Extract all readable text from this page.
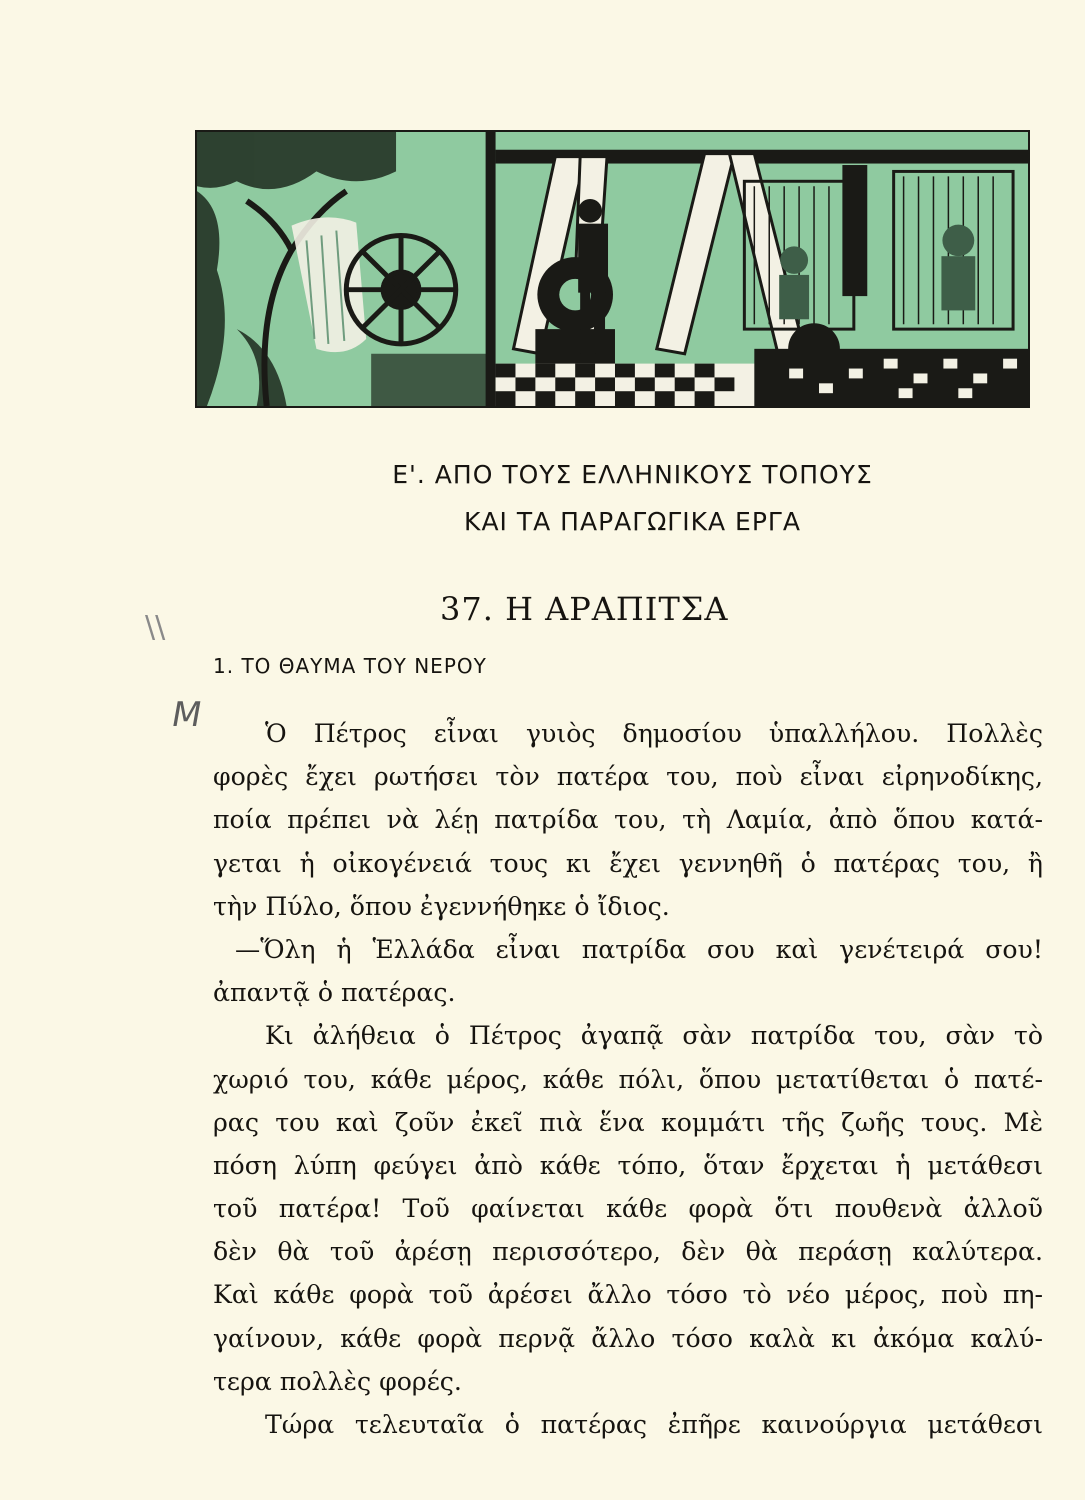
Ε'. ΑΠΟ ΤΟΥΣ ΕΛΛΗΝΙΚΟΥΣ ΤΟΠΟΥΣ
ΚΑΙ ΤΑ ΠΑΡΑΓΩΓΙΚΑ ΕΡΓΑ
37. Η ΑΡΑΠΙΤΣΑ
\\
1. ΤΟ ΘΑΥΜΑ ΤΟΥ ΝΕΡΟΥ
M	Ὁ Πέτρος εἶναι γυιὸς δημοσίου ὑπαλλήλου. Πολλὲς
φορὲς ἔχει ρωτήσει τὸν πατέρα του, ποὺ εἶναι εἰρηνοδίκης,
ποία πρέπει νὰ λέῃ πατρίδα του, τὴ Λαμία, ἀπὸ ὅπου κατά-
γεται ἡ οἰκογένειά τους κι ἔχει γεννηθῆ ὁ πατέρας του, ἢ
τὴν Πύλο, ὅπου ἐγεννήθηκε ὁ ἴδιος.
—Ὅλη ἡ Ἑλλάδα εἶναι πατρίδα σου καὶ γενέτειρά σου!
ἀπαντᾷ ὁ πατέρας.
Κι ἀλήθεια ὁ Πέτρος ἀγαπᾷ σὰν πατρίδα του, σὰν τὸ
χωριό του, κάθε μέρος, κάθε πόλι, ὅπου μετατίθεται ὁ πατέ-
ρας του καὶ ζοῦν ἐκεῖ πιὰ ἕνα κομμάτι τῆς ζωῆς τους. Μὲ
πόση λύπη φεύγει ἀπὸ κάθε τόπο, ὅταν ἔρχεται ἡ μετάθεσι
τοῦ πατέρα! Τοῦ φαίνεται κάθε φορὰ ὅτι πουθενὰ ἀλλοῦ
δὲν θὰ τοῦ ἀρέσῃ περισσότερο, δὲν θὰ περάσῃ καλύτερα.
Καὶ κάθε φορὰ τοῦ ἀρέσει ἄλλο τόσο τὸ νέο μέρος, ποὺ πη-
γαίνουν, κάθε φορὰ περνᾷ ἄλλο τόσο καλὰ κι ἀκόμα καλύ-
τερα πολλὲς φορές.
Τώρα τελευταῖα ὁ πατέρας ἐπῆρε καινούργια μετάθεσι
